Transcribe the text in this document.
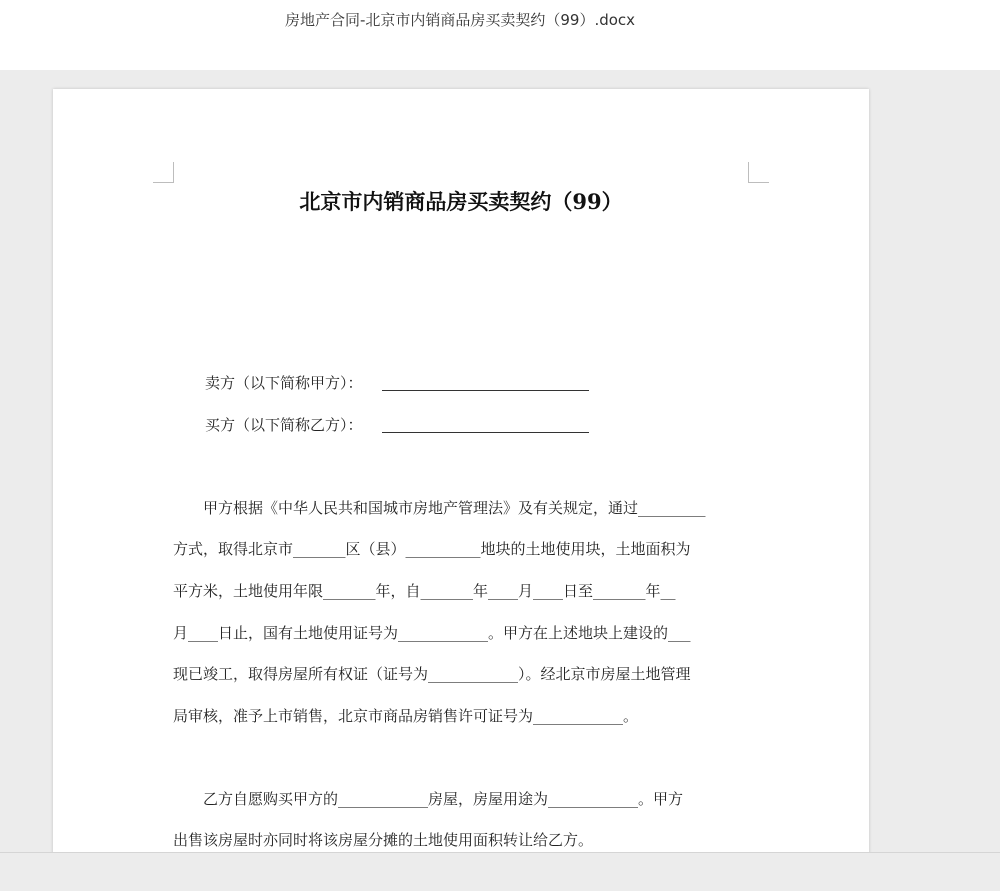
房地产合同-北京市内销商品房买卖契约（99）.docx
北京市内销商品房买卖契约（99）
卖方（以下简称甲方）：
买方（以下简称乙方）：
　　甲方根据《中华人民共和国城市房地产管理法》及有关规定，通过_________
方式，取得北京市_______区（县）__________地块的土地使用块，土地面积为
平方米，土地使用年限_______年，自_______年____月____日至_______年__
月____日止，国有土地使用证号为____________。甲方在上述地块上建设的___
现已竣工，取得房屋所有权证（证号为____________）。经北京市房屋土地管理
局审核，准予上市销售，北京市商品房销售许可证号为____________。
　　乙方自愿购买甲方的____________房屋，房屋用途为____________。甲方
出售该房屋时亦同时将该房屋分摊的土地使用面积转让给乙方。
